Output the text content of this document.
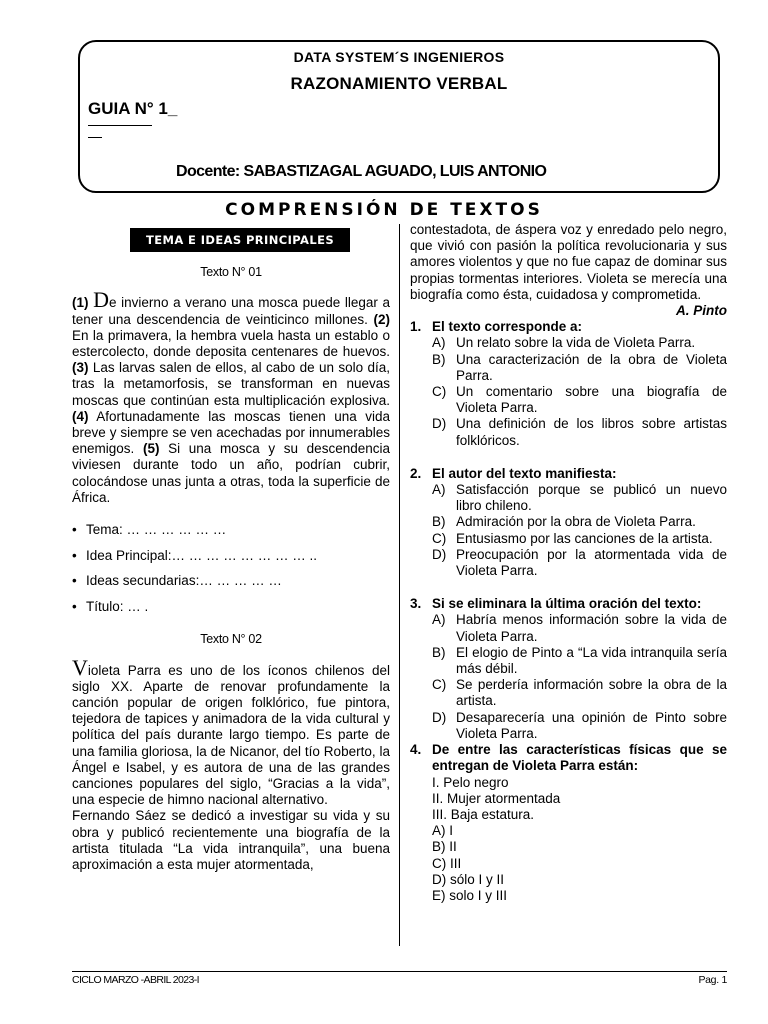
DATA SYSTEM´S INGENIEROS
RAZONAMIENTO VERBAL
GUIA N° 1_
Docente: SABASTIZAGAL AGUADO, LUIS ANTONIO
COMPRENSIÓN DE TEXTOS
TEMA E IDEAS PRINCIPALES
Texto N° 01

(1) De invierno a verano una mosca puede llegar a tener una descendencia de veinticinco millones. (2) En la primavera, la hembra vuela hasta un establo o estercolecto, donde deposita centenares de huevos. (3) Las larvas salen de ellos, al cabo de un solo día, tras la metamorfosis, se transforman en nuevas moscas que continúan esta multiplicación explosiva. (4) Afortunadamente las moscas tienen una vida breve y siempre se ven acechadas por innumerables enemigos. (5) Si una mosca y su descendencia viviesen durante todo un año, podrían cubrir, colocándose unas junta a otras, toda la superficie de África.

• Tema: … … … … … …
• Idea Principal:… … … … … … … … ..
• Ideas secundarias:… … … … …
• Título: … .
Texto N° 02

Violeta Parra es uno de los íconos chilenos del siglo XX. Aparte de renovar profundamente la canción popular de origen folklórico, fue pintora, tejedora de tapices y animadora de la vida cultural y política del país durante largo tiempo. Es parte de una familia gloriosa, la de Nicanor, del tío Roberto, la Ángel e Isabel, y es autora de una de las grandes canciones populares del siglo, “Gracias a la vida”, una especie de himno nacional alternativo.

Fernando Sáez se dedicó a investigar su vida y su obra y publicó recientemente una biografía de la artista titulada “La vida intranquila”, una buena aproximación a esta mujer atormentada,

contestadota, de áspera voz y enredado pelo negro, que vivió con pasión la política revolucionaria y sus amores violentos y que no fue capaz de dominar sus propias tormentas interiores. Violeta se merecía una biografía como ésta, cuidadosa y comprometida.

A. Pinto

1. El texto corresponde a:
A) Un relato sobre la vida de Violeta Parra.
B) Una caracterización de la obra de Violeta Parra.
C) Un comentario sobre una biografía de Violeta Parra.
D) Una definición de los libros sobre artistas folklóricos.
2. El autor del texto manifiesta:
A) Satisfacción porque se publicó un nuevo libro chileno.
B) Admiración por la obra de Violeta Parra.
C) Entusiasmo por las canciones de la artista.
D) Preocupación por la atormentada vida de Violeta Parra.
3. Si se eliminara la última oración del texto:
A) Habría menos información sobre la vida de Violeta Parra.
B) El elogio de Pinto a “La vida intranquila sería más débil.
C) Se perdería información sobre la obra de la artista.
D) Desaparecería una opinión de Pinto sobre Violeta Parra.
4. De entre las características físicas que se entregan de Violeta Parra están:
I. Pelo negro
II. Mujer atormentada
III. Baja estatura.
A) I
B) II
C) III
D) sólo I y II
E) solo I y III
CICLO MARZO -ABRIL 2023-I	Pag. 1
